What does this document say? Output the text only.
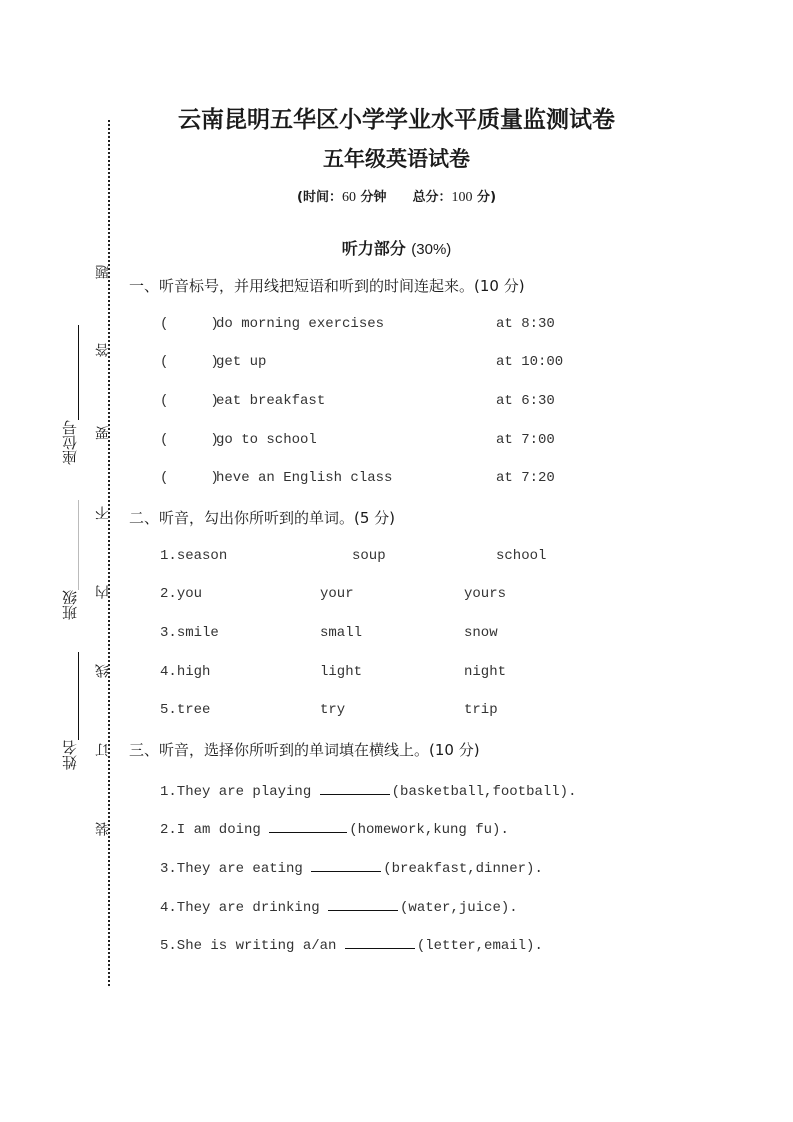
题
答
要
不
内
线
订
装
座位号
班级
姓名
云南昆明五华区小学学业水平质量监测试卷
五年级英语试卷
(时间：60 分钟 总分：100 分)
听力部分 (30%)
一、听音标号，并用线把短语和听到的时间连起来。(10 分)
(     )
do morning exercises	at 8:30
(     )
get up	at 10:00
(     )
eat breakfast	at 6:30
(     )
go to school	at 7:00
(     )
heve an English class	at 7:20
二、听音，勾出你所听到的单词。(5 分)
1.season	soup	school
2.you	your	yours
3.smile	small	snow
4.high	light	night
5.tree	try	trip
三、听音，选择你所听到的单词填在横线上。(10 分)
1.They are playing	(basketball,football).
2.I am doing	(homework,kung fu).
3.They are eating	(breakfast,dinner).
4.They are drinking	(water,juice).
5.She is writing a/an	(letter,email).
